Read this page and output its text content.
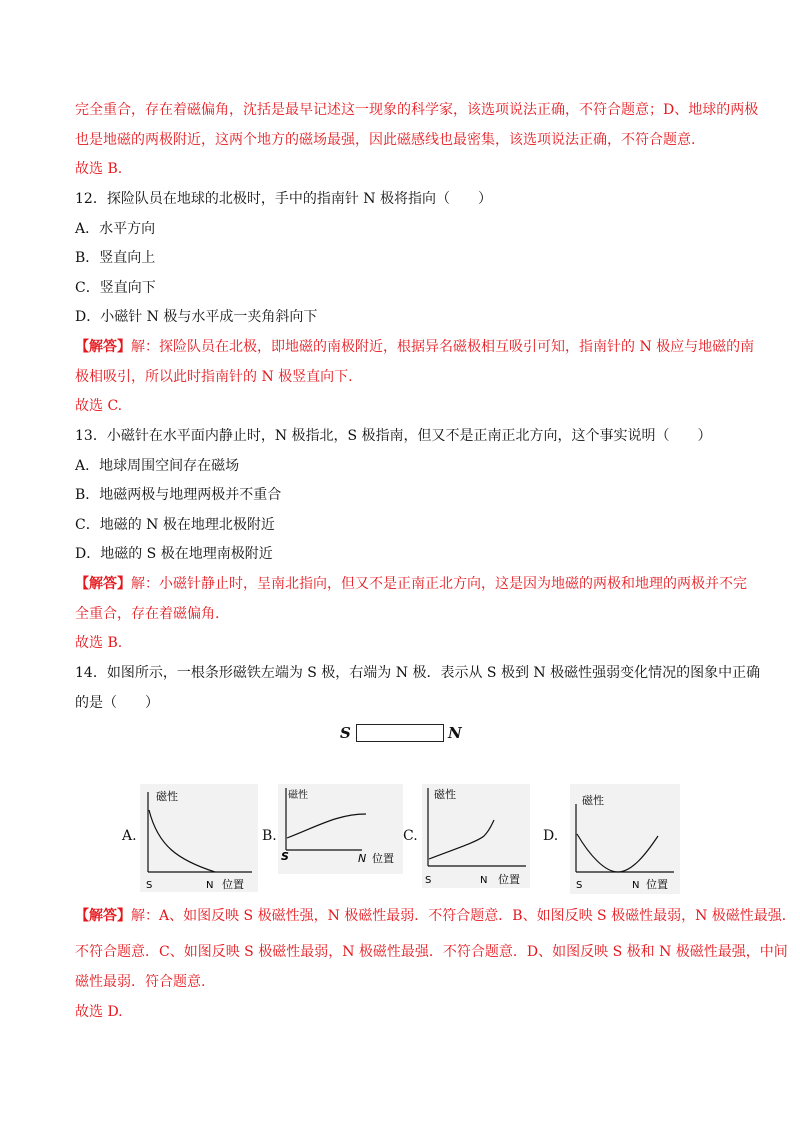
完全重合，存在着磁偏角，沈括是最早记述这一现象的科学家，该选项说法正确，不符合题意；D、地球的两极
也是地磁的两极附近，这两个地方的磁场最强，因此磁感线也最密集，该选项说法正确，不符合题意.
故选 B.
12．探险队员在地球的北极时，手中的指南针 N 极将指向（　　）
A．水平方向
B．竖直向上
C．竖直向下
D．小磁针 N 极与水平成一夹角斜向下
【解答】解：探险队员在北极，即地磁的南极附近，根据异名磁极相互吸引可知，指南针的 N 极应与地磁的南
极相吸引，所以此时指南针的 N 极竖直向下.
故选 C.
13．小磁针在水平面内静止时，N 极指北，S 极指南，但又不是正南正北方向，这个事实说明（　　）
A．地球周围空间存在磁场
B．地磁两极与地理两极并不重合
C．地磁的 N 极在地理北极附近
D．地磁的 S 极在地理南极附近
【解答】解：小磁针静止时，呈南北指向，但又不是正南正北方向，这是因为地磁的两极和地理的两极并不完
全重合，存在着磁偏角.
故选 B.
14．如图所示，一根条形磁铁左端为 S 极，右端为 N 极．表示从 S 极到 N 极磁性强弱变化情况的图象中正确
的是（　　）
S	N
A.	B.	C.	D.
磁性
S	N 位置
磁性
S	N 位置
磁性
S	N 位置
磁性
S	N 位置
【解答】解：A、如图反映 S 极磁性强，N 极磁性最弱．不符合题意．B、如图反映 S 极磁性最弱，N 极磁性最强．
不符合题意．C、如图反映 S 极磁性最弱，N 极磁性最强．不符合题意．D、如图反映 S 极和 N 极磁性最强，中间
磁性最弱．符合题意.
故选 D.
